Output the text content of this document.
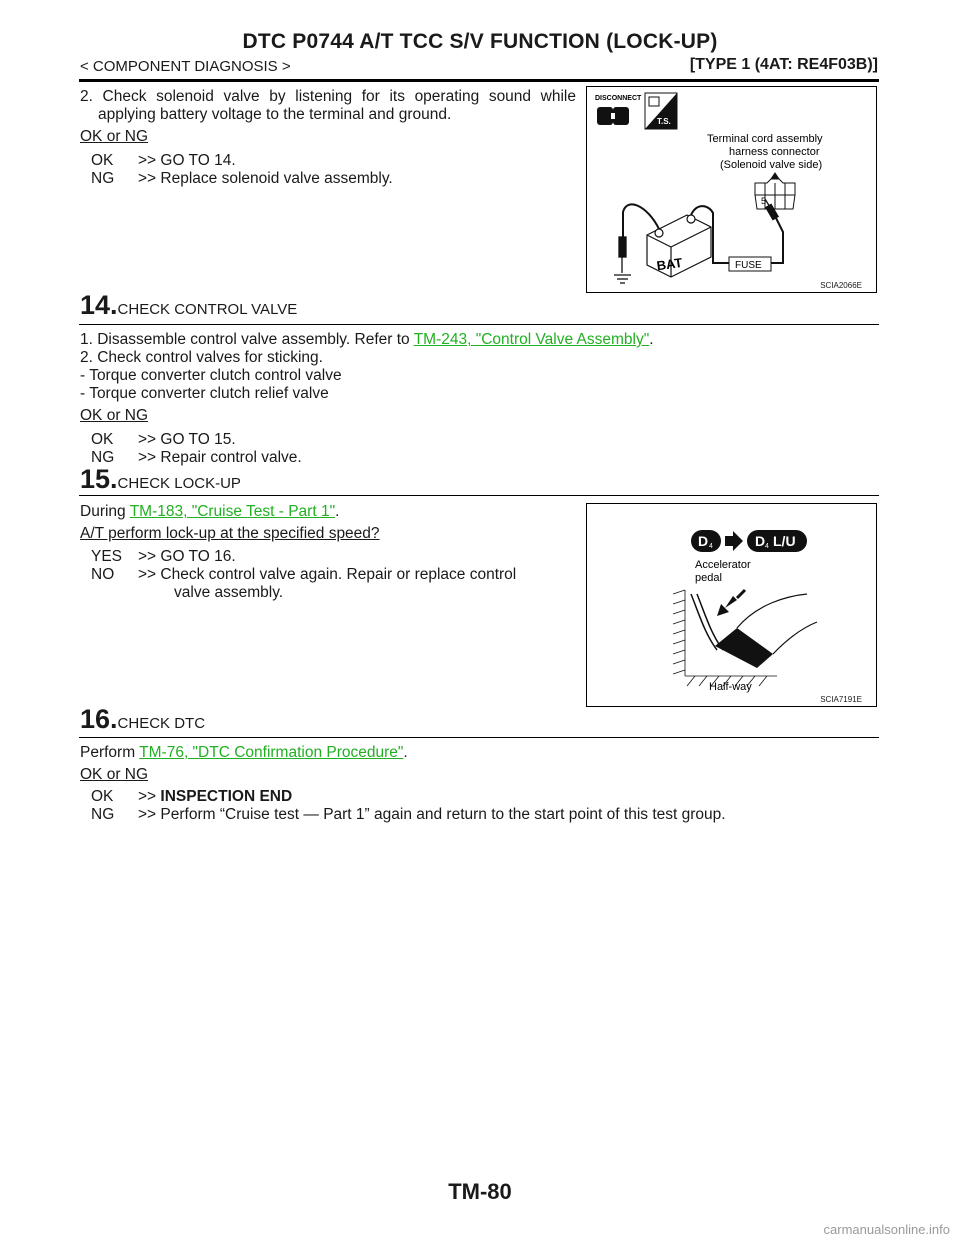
DTC P0744 A/T TCC S/V FUNCTION (LOCK-UP)
< COMPONENT DIAGNOSIS >	[TYPE 1 (4AT: RE4F03B)]
2. Check solenoid valve by listening for its operating sound while
applying battery voltage to the terminal and ground.
OK or NG
OK >> GO TO 14.
NG >> Replace solenoid valve assembly.
DISCONNECT
T.S.
Terminal cord assembly
harness connector
(Solenoid valve side)
5
BAT	FUSE
SCIA2066E
14.CHECK CONTROL VALVE
1. Disassemble control valve assembly. Refer to TM-243, "Control Valve Assembly".
2. Check control valves for sticking.
- Torque converter clutch control valve
- Torque converter clutch relief valve
OK or NG
OK >> GO TO 15.
NG >> Repair control valve.
15.CHECK LOCK-UP
During TM-183, "Cruise Test - Part 1".
A/T perform lock-up at the specified speed?
YES >> GO TO 16.
NO >> Check control valve again. Repair or replace control
valve assembly.
D 4	D 4 L/U
Accelerator
pedal
Half-way
SCIA7191E
16.CHECK DTC
Perform TM-76, "DTC Confirmation Procedure".
OK or NG
OK >> INSPECTION END
NG >> Perform “Cruise test — Part 1” again and return to the start point of this test group.
TM-80
carmanualsonline.info
